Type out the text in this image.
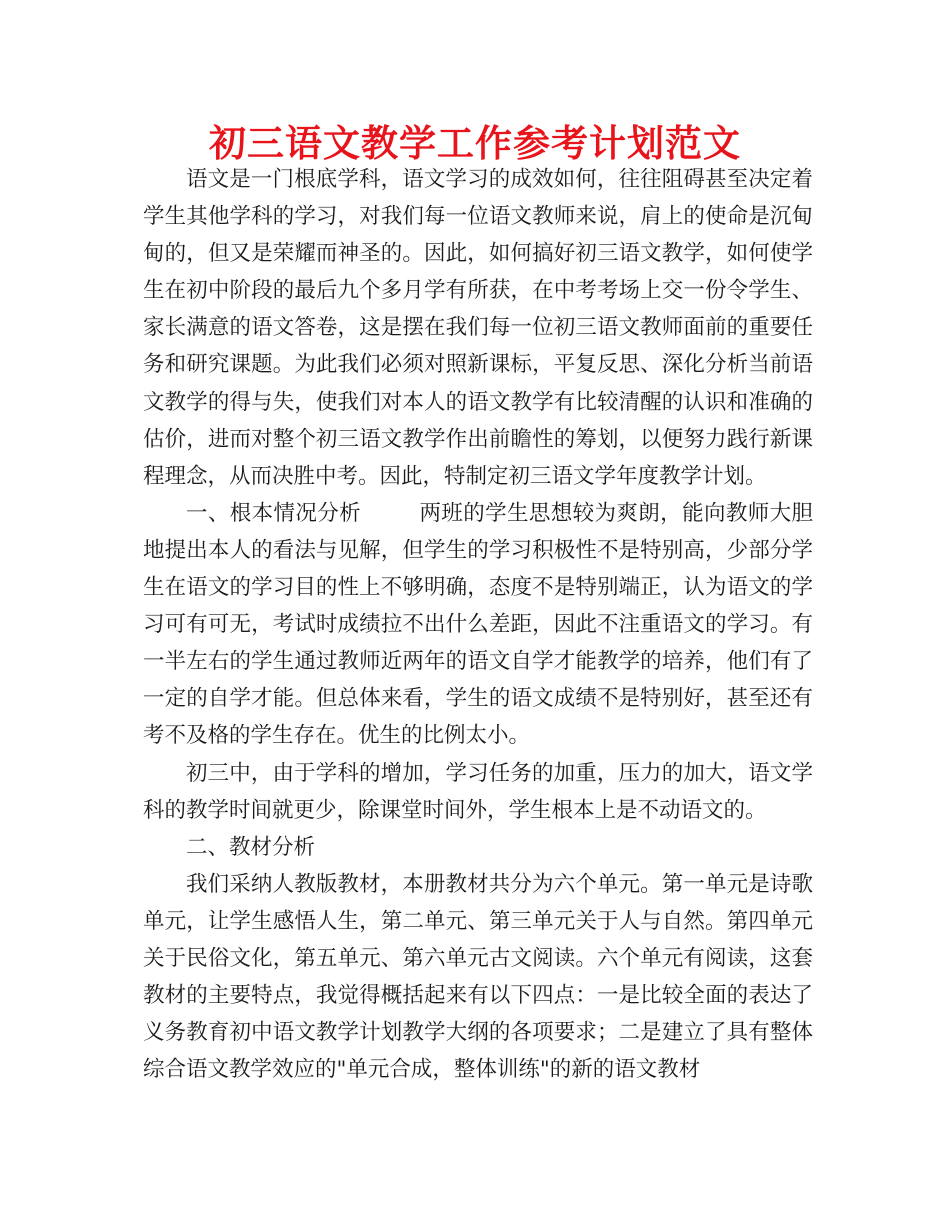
初三语文教学工作参考计划范文

语文是一门根底学科，语文学习的成效如何，往往阻碍甚至决定着学生其他学科的学习，对我们每一位语文教师来说，肩上的使命是沉甸甸的，但又是荣耀而神圣的。因此，如何搞好初三语文教学，如何使学生在初中阶段的最后九个多月学有所获，在中考考场上交一份令学生、家长满意的语文答卷，这是摆在我们每一位初三语文教师面前的重要任务和研究课题。为此我们必须对照新课标，平复反思、深化分析当前语文教学的得与失，使我们对本人的语文教学有比较清醒的认识和准确的估价，进而对整个初三语文教学作出前瞻性的筹划，以便努力践行新课程理念，从而决胜中考。因此，特制定初三语文学年度教学计划。

一、根本情况分析	两班的学生思想较为爽朗，能向教师大胆地提出本人的看法与见解，但学生的学习积极性不是特别高，少部分学生在语文的学习目的性上不够明确，态度不是特别端正，认为语文的学习可有可无，考试时成绩拉不出什么差距，因此不注重语文的学习。有一半左右的学生通过教师近两年的语文自学才能教学的培养，他们有了一定的自学才能。但总体来看，学生的语文成绩不是特别好，甚至还有考不及格的学生存在。优生的比例太小。

初三中，由于学科的增加，学习任务的加重，压力的加大，语文学科的教学时间就更少，除课堂时间外，学生根本上是不动语文的。

二、教材分析

我们采纳人教版教材，本册教材共分为六个单元。第一单元是诗歌单元，让学生感悟人生，第二单元、第三单元关于人与自然。第四单元关于民俗文化，第五单元、第六单元古文阅读。六个单元有阅读，这套教材的主要特点，我觉得概括起来有以下四点：一是比较全面的表达了义务教育初中语文教学计划教学大纲的各项要求；二是建立了具有整体综合语文教学效应的"单元合成，整体训练"的新的语文教材
